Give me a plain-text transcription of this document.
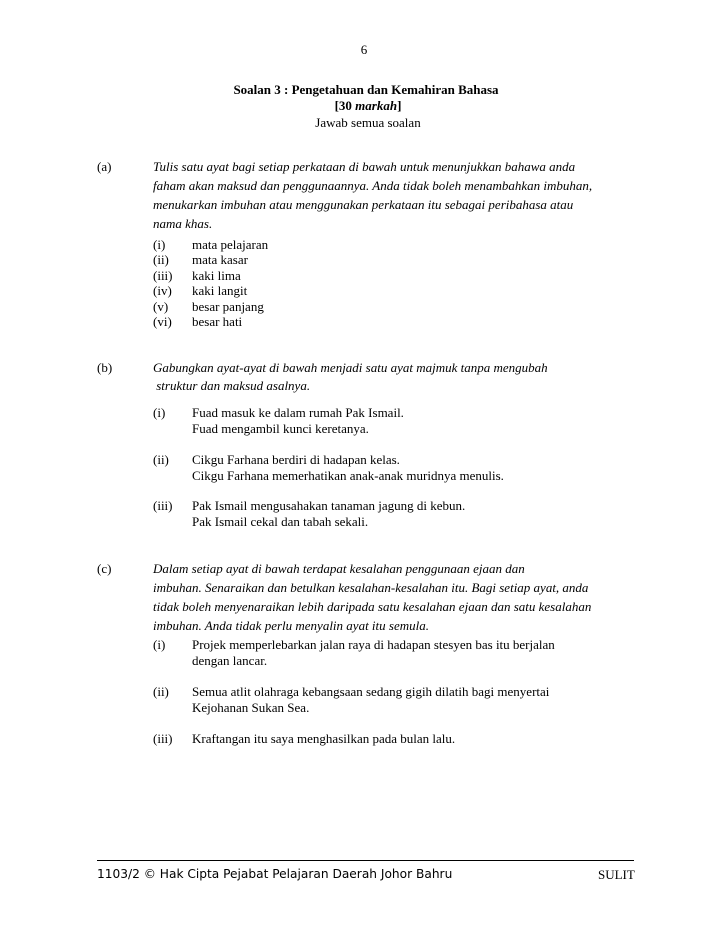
6
Soalan 3 : Pengetahuan dan Kemahiran Bahasa
[30 markah]
Jawab semua soalan
(a)	Tulis satu ayat bagi setiap perkataan di bawah untuk menunjukkan bahawa anda
faham akan maksud dan penggunaannya. Anda tidak boleh menambahkan imbuhan,
menukarkan imbuhan atau menggunakan perkataan itu sebagai peribahasa atau
nama khas.
(i) mata pelajaran
(ii) mata kasar
(iii) kaki lima
(iv) kaki langit
(v) besar panjang
(vi) besar hati
(b)	Gabungkan ayat-ayat di bawah menjadi satu ayat majmuk tanpa mengubah
struktur dan maksud asalnya.
(i) Fuad masuk ke dalam rumah Pak Ismail.
Fuad mengambil kunci keretanya.
(ii) Cikgu Farhana berdiri di hadapan kelas.
Cikgu Farhana memerhatikan anak-anak muridnya menulis.
(iii) Pak Ismail mengusahakan tanaman jagung di kebun.
Pak Ismail cekal dan tabah sekali.
(c)	Dalam setiap ayat di bawah terdapat kesalahan penggunaan ejaan dan
imbuhan. Senaraikan dan betulkan kesalahan-kesalahan itu. Bagi setiap ayat, anda
tidak boleh menyenaraikan lebih daripada satu kesalahan ejaan dan satu kesalahan
imbuhan. Anda tidak perlu menyalin ayat itu semula.
(i) Projek memperlebarkan jalan raya di hadapan stesyen bas itu berjalan
dengan lancar.
(ii) Semua atlit olahraga kebangsaan sedang gigih dilatih bagi menyertai
Kejohanan Sukan Sea.
(iii) Kraftangan itu saya menghasilkan pada bulan lalu.
1103/2 © Hak Cipta Pejabat Pelajaran Daerah Johor Bahru	SULIT
